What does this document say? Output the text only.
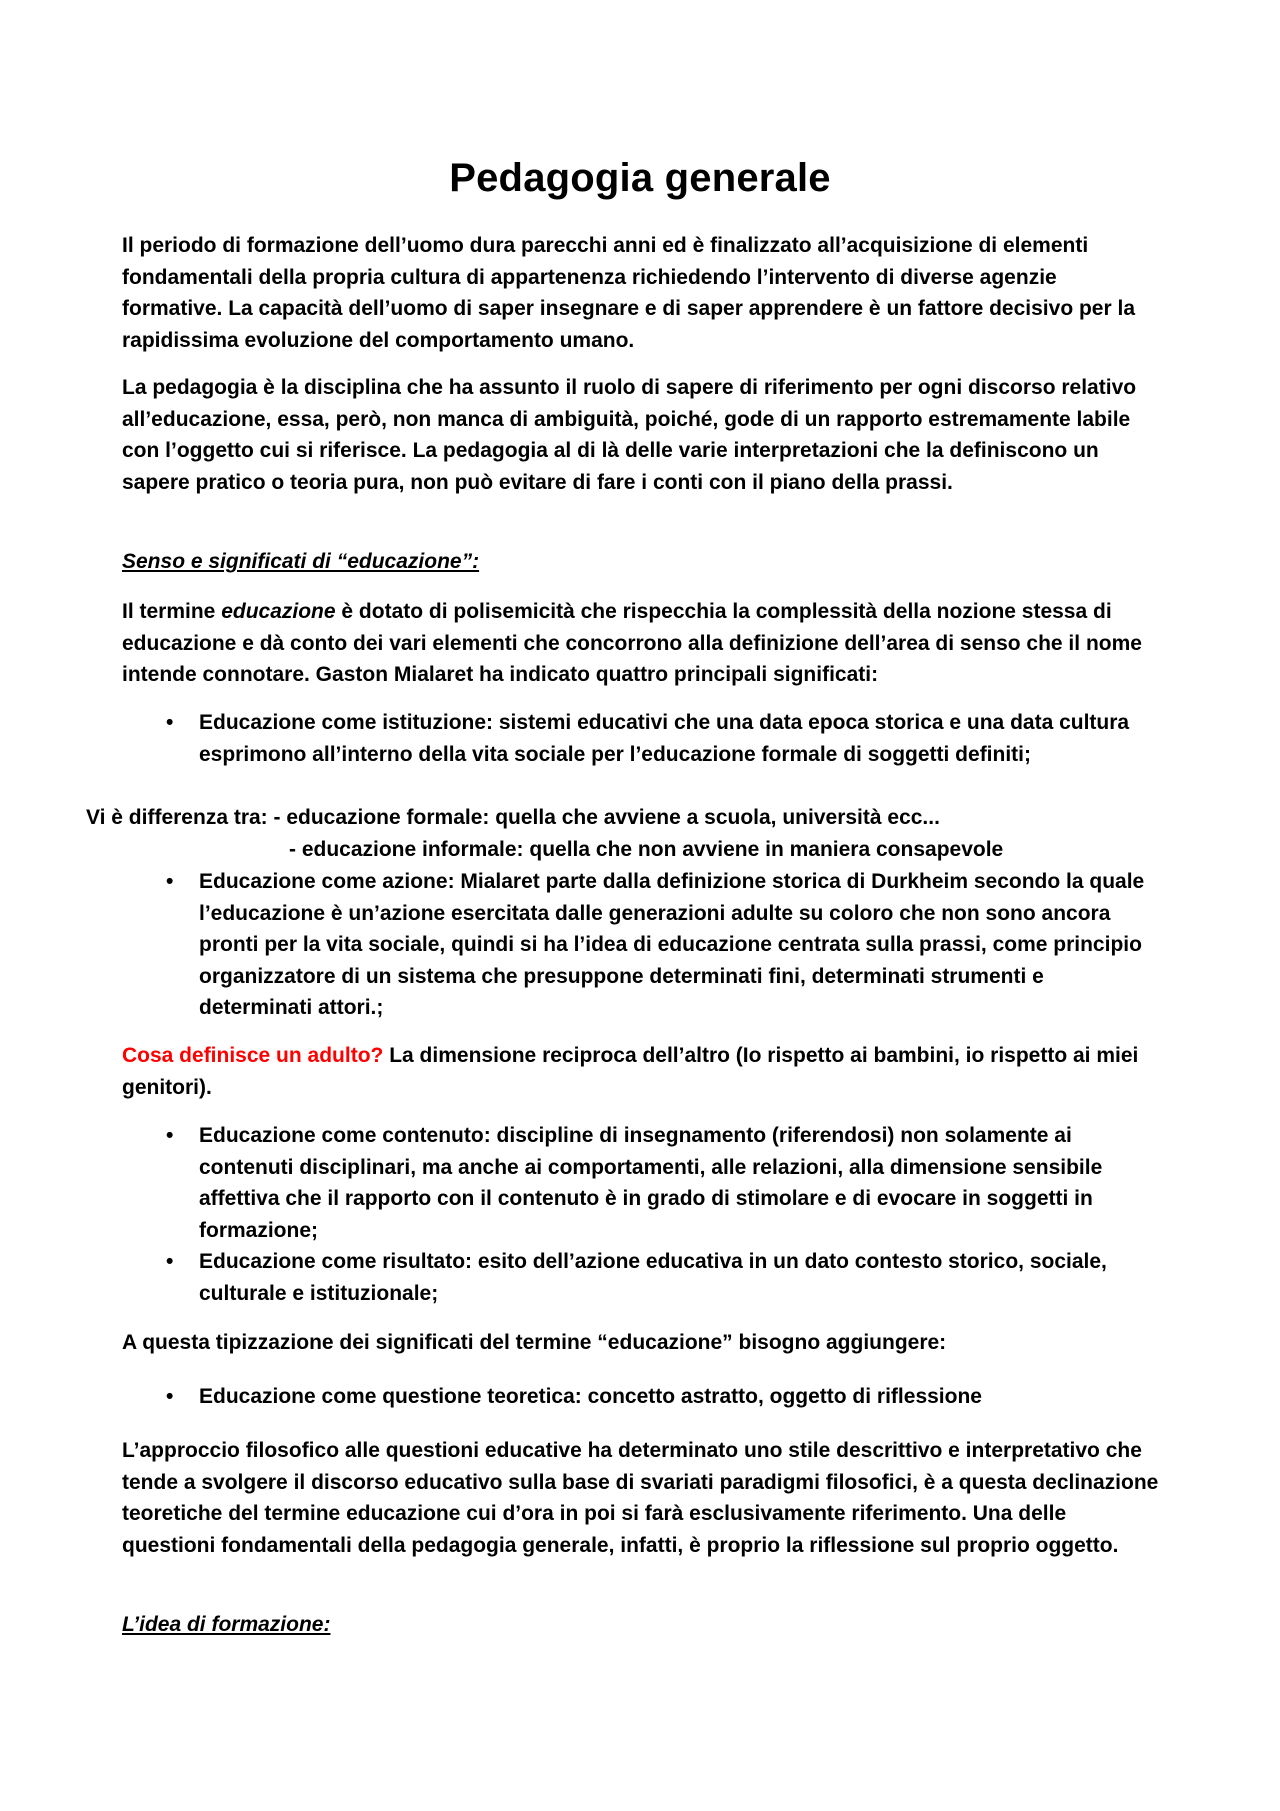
Pedagogia generale

Il periodo di formazione dell’uomo dura parecchi anni ed è finalizzato all’acquisizione di elementi fondamentali della propria cultura di appartenenza richiedendo l’intervento di diverse agenzie formative. La capacità dell’uomo di saper insegnare e di saper apprendere è un fattore decisivo per la rapidissima evoluzione del comportamento umano.

La pedagogia è la disciplina che ha assunto il ruolo di sapere di riferimento per ogni discorso relativo all’educazione, essa, però, non manca di ambiguità, poiché, gode di un rapporto estremamente labile con l’oggetto cui si riferisce. La pedagogia al di là delle varie interpretazioni che la definiscono un sapere pratico o teoria pura, non può evitare di fare i conti con il piano della prassi.

Senso e significati di “educazione”:

Il termine educazione è dotato di polisemicità che rispecchia la complessità della nozione stessa di educazione e dà conto dei vari elementi che concorrono alla definizione dell’area di senso che il nome intende connotare. Gaston Mialaret ha indicato quattro principali significati:

• Educazione come istituzione: sistemi educativi che una data epoca storica e una data cultura esprimono all’interno della vita sociale per l’educazione formale di soggetti definiti;
Vi è differenza tra: - educazione formale: quella che avviene a scuola, università ecc...
- educazione informale: quella che non avviene in maniera consapevole
• Educazione come azione: Mialaret parte dalla definizione storica di Durkheim secondo la quale l’educazione è un’azione esercitata dalle generazioni adulte su coloro che non sono ancora pronti per la vita sociale, quindi si ha l’idea di educazione centrata sulla prassi, come principio organizzatore di un sistema che presuppone determinati fini, determinati strumenti e determinati attori.;

Cosa definisce un adulto? La dimensione reciproca dell’altro (Io rispetto ai bambini, io rispetto ai miei genitori).

• Educazione come contenuto: discipline di insegnamento (riferendosi) non solamente ai contenuti disciplinari, ma anche ai comportamenti, alle relazioni, alla dimensione sensibile affettiva che il rapporto con il contenuto è in grado di stimolare e di evocare in soggetti in formazione;
• Educazione come risultato: esito dell’azione educativa in un dato contesto storico, sociale, culturale e istituzionale;

A questa tipizzazione dei significati del termine “educazione” bisogno aggiungere:

• Educazione come questione teoretica: concetto astratto, oggetto di riflessione

L’approccio filosofico alle questioni educative ha determinato uno stile descrittivo e interpretativo che tende a svolgere il discorso educativo sulla base di svariati paradigmi filosofici, è a questa declinazione teoretiche del termine educazione cui d’ora in poi si farà esclusivamente riferimento. Una delle questioni fondamentali della pedagogia generale, infatti, è proprio la riflessione sul proprio oggetto.

L’idea di formazione:
